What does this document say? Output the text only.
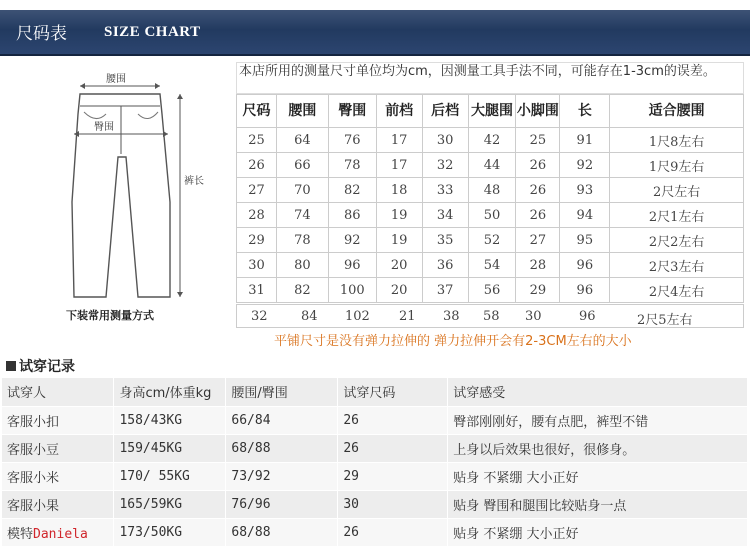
尺码表 SIZE CHART
腰围
臀围
裤长
下装常用测量方式
本店所用的测量尺寸单位均为cm，因测量工具手法不同，可能存在1-3cm的误差。
尺码	腰围	臀围	前档	后档	大腿围	小脚围	长	适合腰围
25	64	76	17	30	42	25	91	1尺8左右
26	66	78	17	32	44	26	92	1尺9左右
27	70	82	18	33	48	26	93	2尺左右
28	74	86	19	34	50	26	94	2尺1左右
29	78	92	19	35	52	27	95	2尺2左右
30	80	96	20	36	54	28	96	2尺3左右
31	82	100	20	37	56	29	96	2尺4左右
32	84 102 21 38 58 30	96	2尺5左右
平铺尺寸是没有弹力拉伸的 弹力拉伸开会有2-3CM左右的大小
试穿记录
试穿人	身高cm/体重kg	腰围/臀围	试穿尺码	试穿感受
客服小扣	158/43KG	66/84	26	臀部刚刚好，腰有点肥，裤型不错
客服小豆	159/45KG	68/88	26	上身以后效果也很好，很修身。
客服小米	170/ 55KG	73/92	29	贴身 不紧绷 大小正好
客服小果	165/59KG	76/96	30	贴身 臀围和腿围比较贴身一点
模特Daniela	173/50KG	68/88	26	贴身 不紧绷 大小正好
